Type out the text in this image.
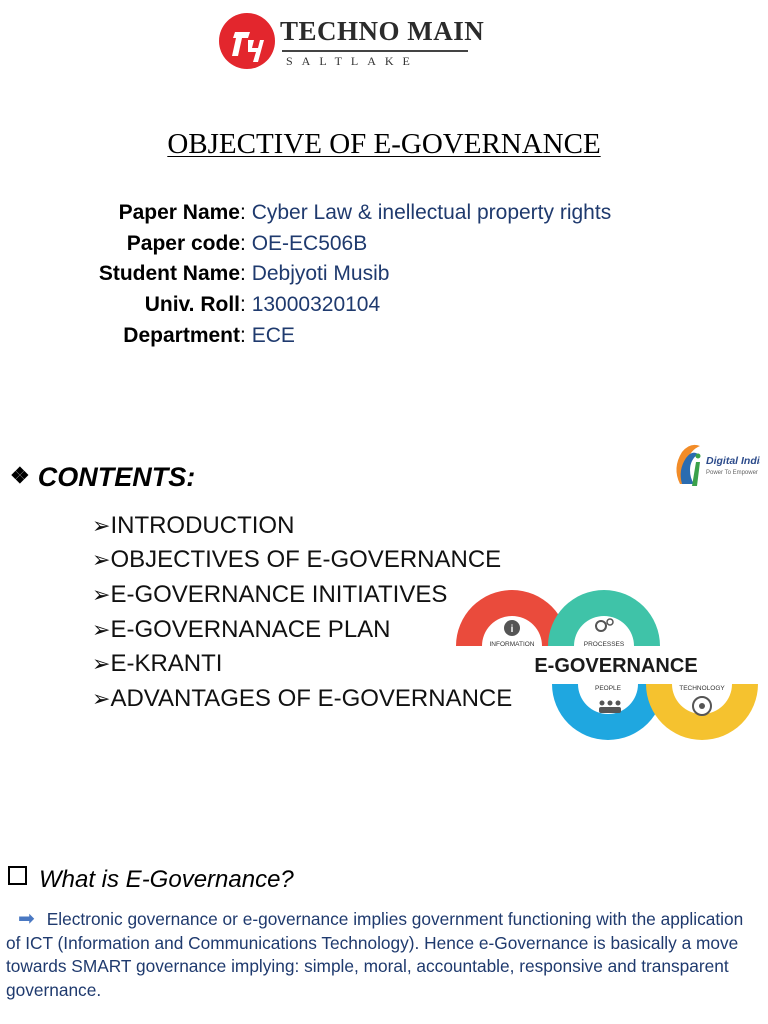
TECHNO MAIN
SALTLAKE
OBJECTIVE OF E-GOVERNANCE
Paper Name : Cyber Law & inellectual property rights
Paper code : OE-EC506B
Student Name : Debjyoti Musib
Univ. Roll : 13000320104
Department : ECE
❖ CONTENTS:
Digital India
Power To Empower
➢INTRODUCTION
➢OBJECTIVES OF E-GOVERNANCE
➢E-GOVERNANCE INITIATIVES
➢E-GOVERNANACE PLAN
➢E-KRANTI
➢ADVANTAGES OF E-GOVERNANCE
i
INFORMATION	PROCESSES
PEOPLE	TECHNOLOGY
E-GOVERNANCE
What is E-Governance?
➡ Electronic governance or e-governance implies government functioning with the application of ICT (Information and Communications Technology). Hence e-Governance is basically a move towards SMART governance implying: simple, moral, accountable, responsive and transparent governance.
